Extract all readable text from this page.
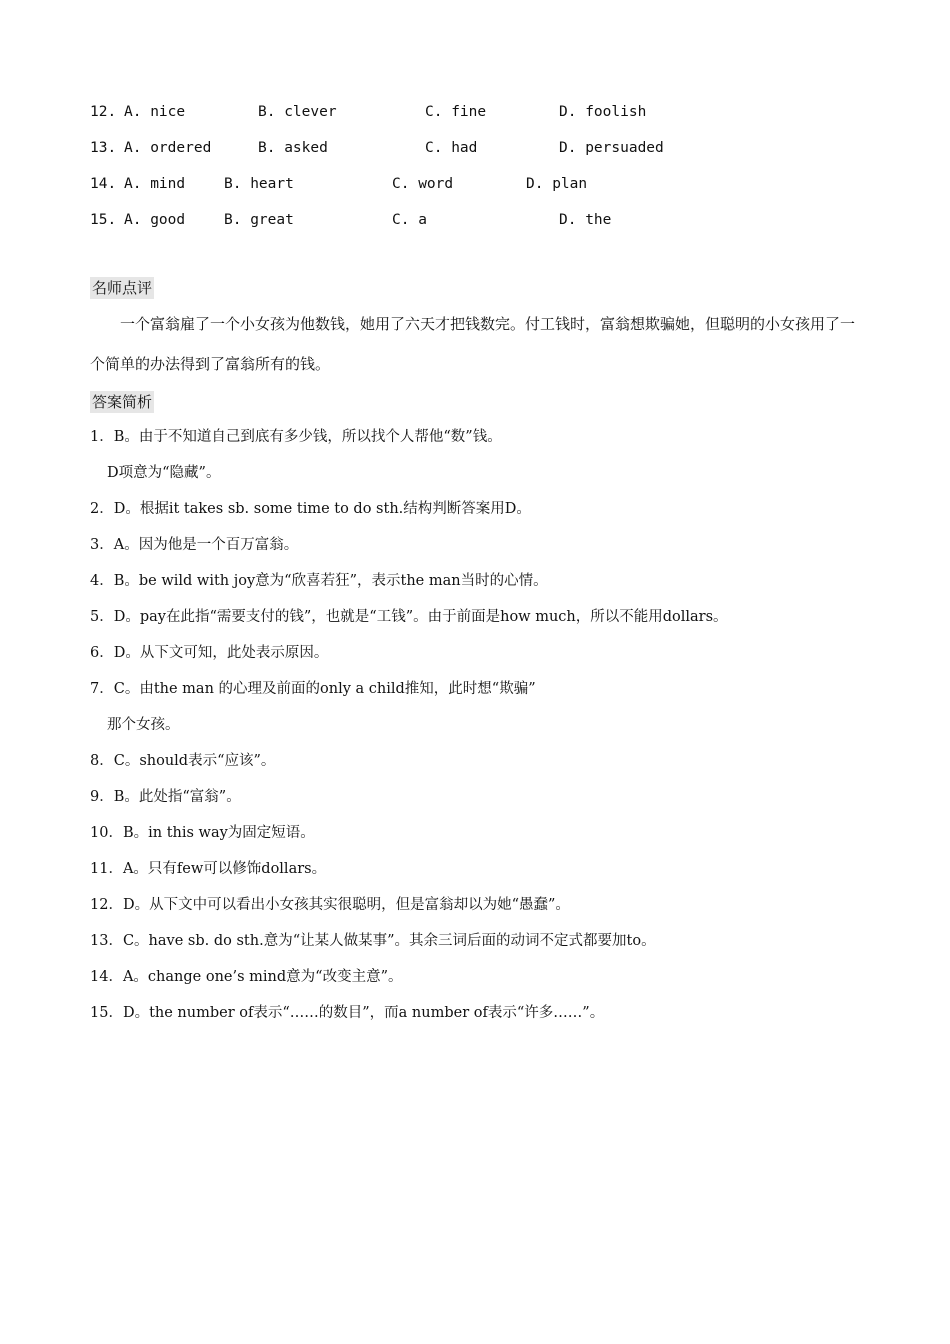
12. A. nice	B. clever	C. fine	D. foolish
13. A. ordered	B. asked	C. had	D. persuaded
14. A. mind	B. heart	C. word	D. plan
15. A. good	B. great	C. a	D. the
名师点评
一个富翁雇了一个小女孩为他数钱，她用了六天才把钱数完。付工钱时，富翁想欺骗她，但聪明的小女孩用了一个简单的办法得到了富翁所有的钱。
答案简析
1．B。由于不知道自己到底有多少钱，所以找个人帮他“数”钱。
D项意为“隐藏”。
2．D。根据it takes sb. some time to do sth.结构判断答案用D。
3．A。因为他是一个百万富翁。
4．B。be wild with joy意为“欣喜若狂”，表示the man当时的心情。
5．D。pay在此指“需要支付的钱”，也就是“工钱”。由于前面是how much，所以不能用dollars。
6．D。从下文可知，此处表示原因。
7．C。由the man 的心理及前面的only a child推知，此时想“欺骗”
那个女孩。
8．C。should表示“应该”。
9．B。此处指“富翁”。
10．B。in this way为固定短语。
11．A。只有few可以修饰dollars。
12．D。从下文中可以看出小女孩其实很聪明，但是富翁却以为她“愚蠢”。
13．C。have sb. do sth.意为“让某人做某事”。其余三词后面的动词不定式都要加to。
14．A。change one’s mind意为“改变主意”。
15．D。the number of表示“……的数目”，而a number of表示“许多……”。
